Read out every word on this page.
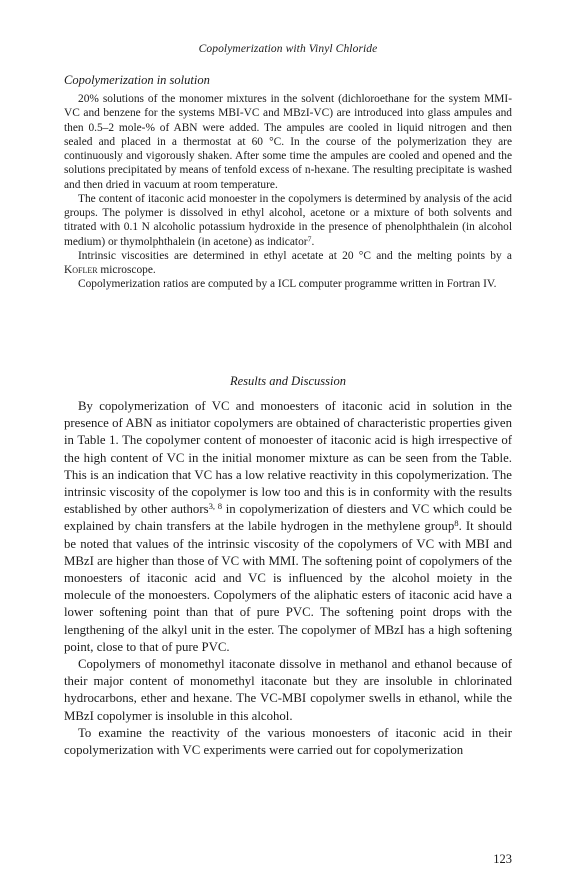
Copolymerization with Vinyl Chloride
Copolymerization in solution

20% solutions of the monomer mixtures in the solvent (dichloroethane for the system MMI-VC and benzene for the systems MBI-VC and MBzI-VC) are introduced into glass ampules and then 0.5–2 mole-% of ABN were added. The ampules are cooled in liquid nitrogen and then sealed and placed in a thermostat at 60 °C. In the course of the polymerization they are continuously and vigorously shaken. After some time the ampules are cooled and opened and the solutions precipitated by means of tenfold excess of n-hexane. The resulting precipitate is washed and then dried in vacuum at room temperature.

The content of itaconic acid monoester in the copolymers is determined by analysis of the acid groups. The polymer is dissolved in ethyl alcohol, acetone or a mixture of both solvents and titrated with 0.1 N alcoholic potassium hydroxide in the presence of phenolphthalein (in alcohol medium) or thymolphthalein (in acetone) as indicator$^7$.

Intrinsic viscosities are determined in ethyl acetate at 20 °C and the melting points by a Kofler microscope.

Copolymerization ratios are computed by a ICL computer programme written in Fortran IV.

Results and Discussion

By copolymerization of VC and monoesters of itaconic acid in solution in the presence of ABN as initiator copolymers are obtained of characteristic properties given in Table 1. The copolymer content of monoester of itaconic acid is high irrespective of the high content of VC in the initial monomer mixture as can be seen from the Table. This is an indication that VC has a low relative reactivity in this copolymerization. The intrinsic viscosity of the copolymer is low too and this is in conformity with the results established by other authors$^{3, 8}$ in copolymerization of diesters and VC which could be explained by chain transfers at the labile hydrogen in the methylene group$^8$. It should be noted that values of the intrinsic viscosity of the copolymers of VC with MBI and MBzI are higher than those of VC with MMI. The softening point of copolymers of the monoesters of itaconic acid and VC is influenced by the alcohol moiety in the molecule of the monoesters. Copolymers of the aliphatic esters of itaconic acid have a lower softening point than that of pure PVC. The softening point drops with the lengthening of the alkyl unit in the ester. The copolymer of MBzI has a high softening point, close to that of pure PVC.

Copolymers of monomethyl itaconate dissolve in methanol and ethanol because of their major content of monomethyl itaconate but they are insoluble in chlorinated hydrocarbons, ether and hexane. The VC-MBI copolymer swells in ethanol, while the MBzI copolymer is insoluble in this alcohol.

To examine the reactivity of the various monoesters of itaconic acid in their copolymerization with VC experiments were carried out for copolymerization

123
